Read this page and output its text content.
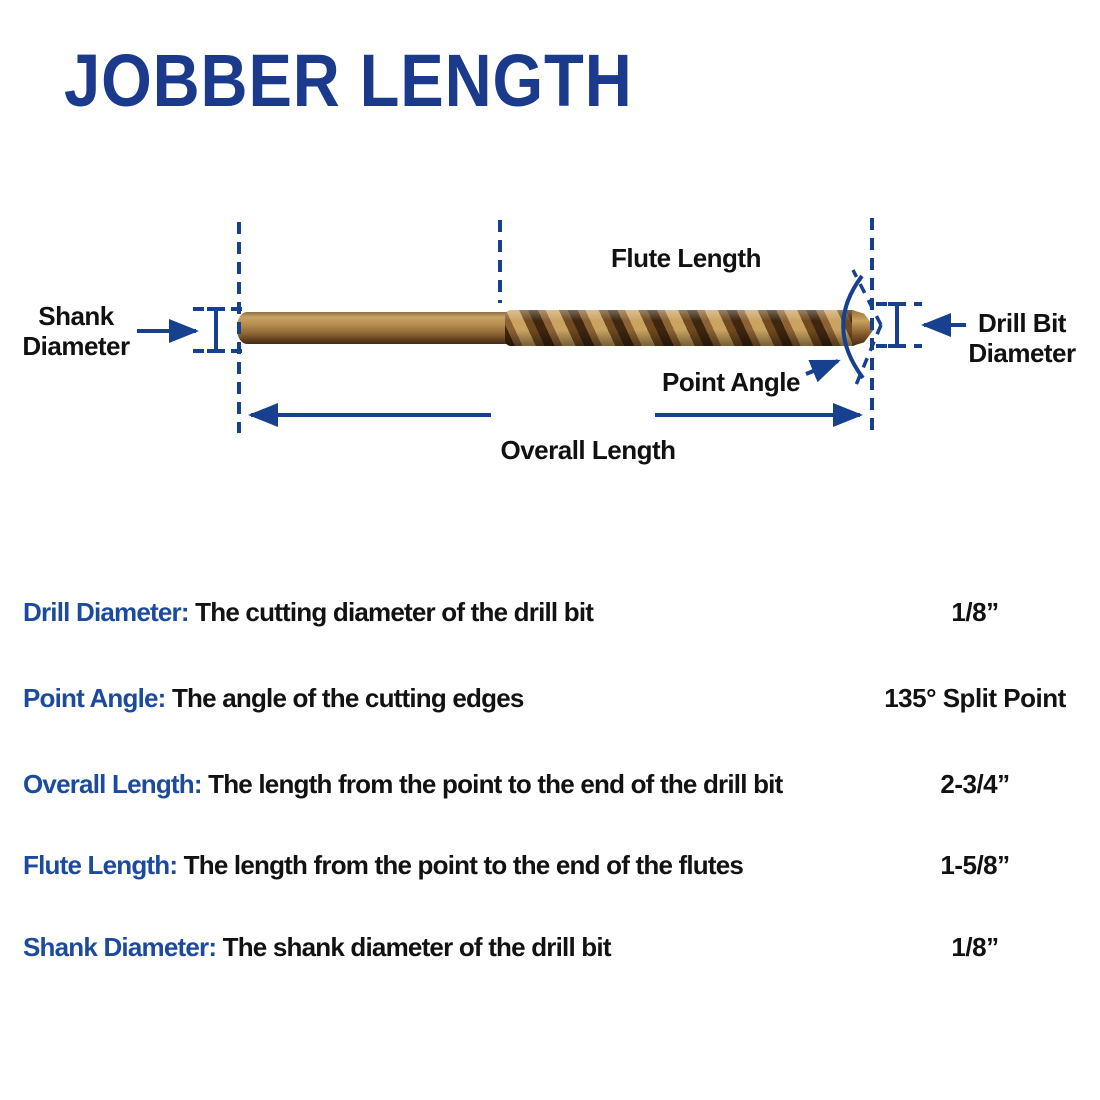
JOBBER LENGTH
Shank
Diameter
Flute Length
Point Angle
Drill Bit
Diameter
Overall Length
Drill Diameter: The cutting diameter of the drill bit	1/8”
Point Angle: The angle of the cutting edges	135° Split Point
Overall Length: The length from the point to the end of the drill bit	2-3/4”
Flute Length: The length from the point to the end of the flutes	1-5/8”
Shank Diameter: The shank diameter of the drill bit	1/8”
